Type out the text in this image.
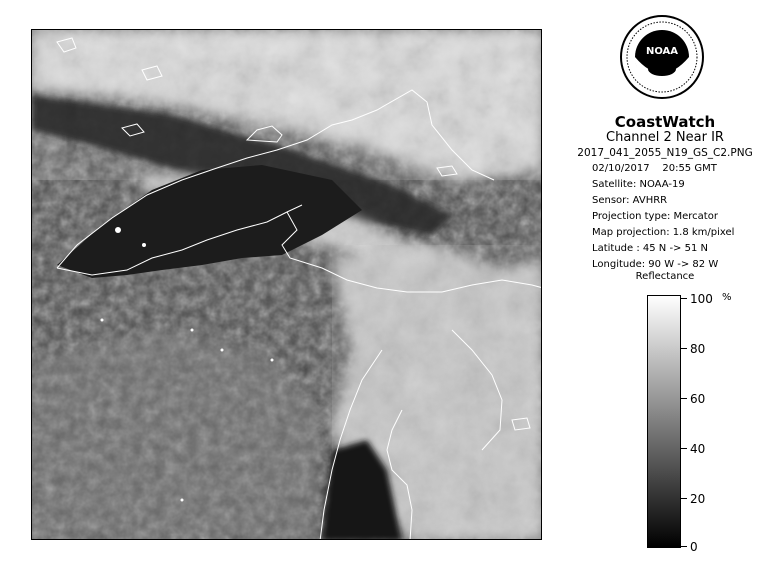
NOAA
CoastWatch
Channel 2 Near IR
2017_041_2055_N19_GS_C2.PNG
02/10/2017    20:55 GMT
Satellite: NOAA-19
Sensor: AVHRR
Projection type: Mercator
Map projection: 1.8 km/pixel
Latitude : 45 N -> 51 N
Longitude: 90 W -> 82 W
Reflectance
%
100
80
60
40
20
0
